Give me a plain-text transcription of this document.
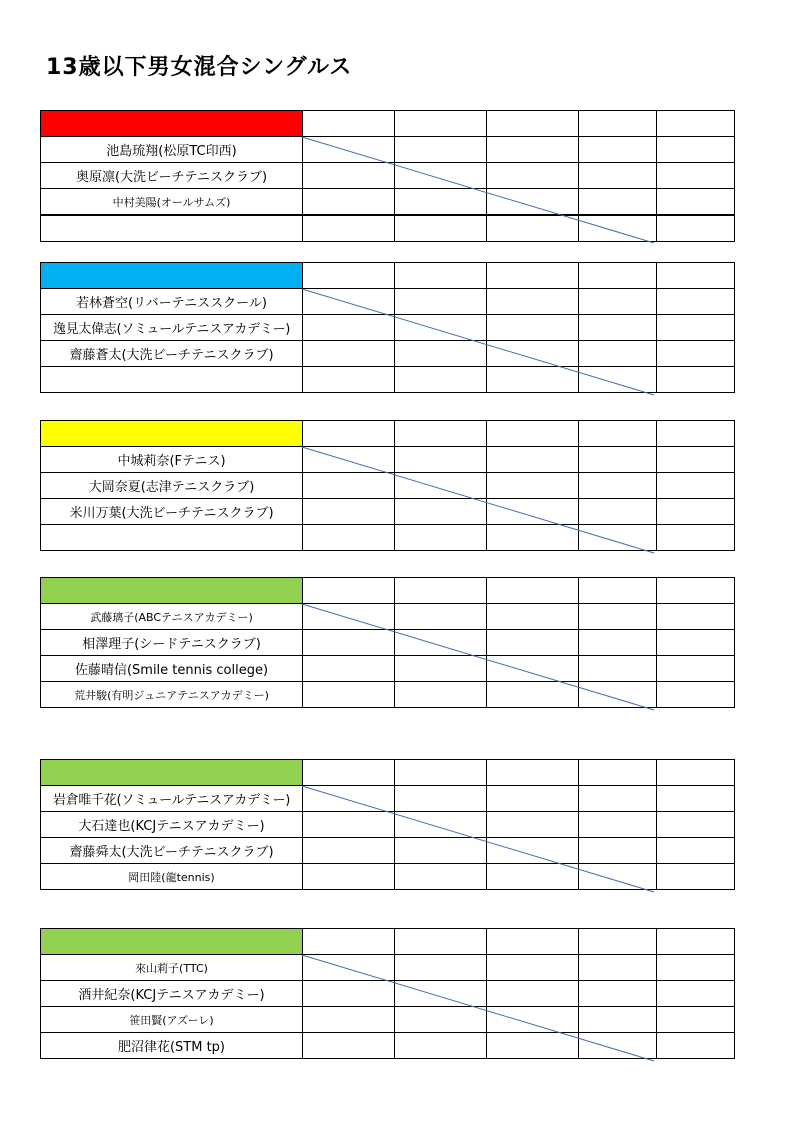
13歳以下男女混合シングルス

池島琉翔(松原TC印西)					
奥原凛(大洗ビーチテニスクラブ)					
中村美陽(オールサムズ)					

若林蒼空(リバーテニススクール)					
逸見太偉志(ソミュールテニスアカデミー)					
齋藤蒼太(大洗ビーチテニスクラブ)					

中城莉奈(Fテニス)					
大岡奈夏(志津テニスクラブ)					
米川万葉(大洗ビーチテニスクラブ)					

武藤璃子(ABCテニスアカデミー)					
相澤理子(シードテニスクラブ)					
佐藤晴信(Smile tennis college)					
荒井駿(有明ジュニアテニスアカデミー)					

岩倉唯千花(ソミュールテニスアカデミー)					
大石達也(KCJテニスアカデミー)					
齋藤舜太(大洗ビーチテニスクラブ)					
岡田陸(龍tennis)					

來山莉子(TTC)					
酒井紀奈(KCJテニスアカデミー)					
笹田賢(アズーレ)					
肥沼律花(STM tp)					
